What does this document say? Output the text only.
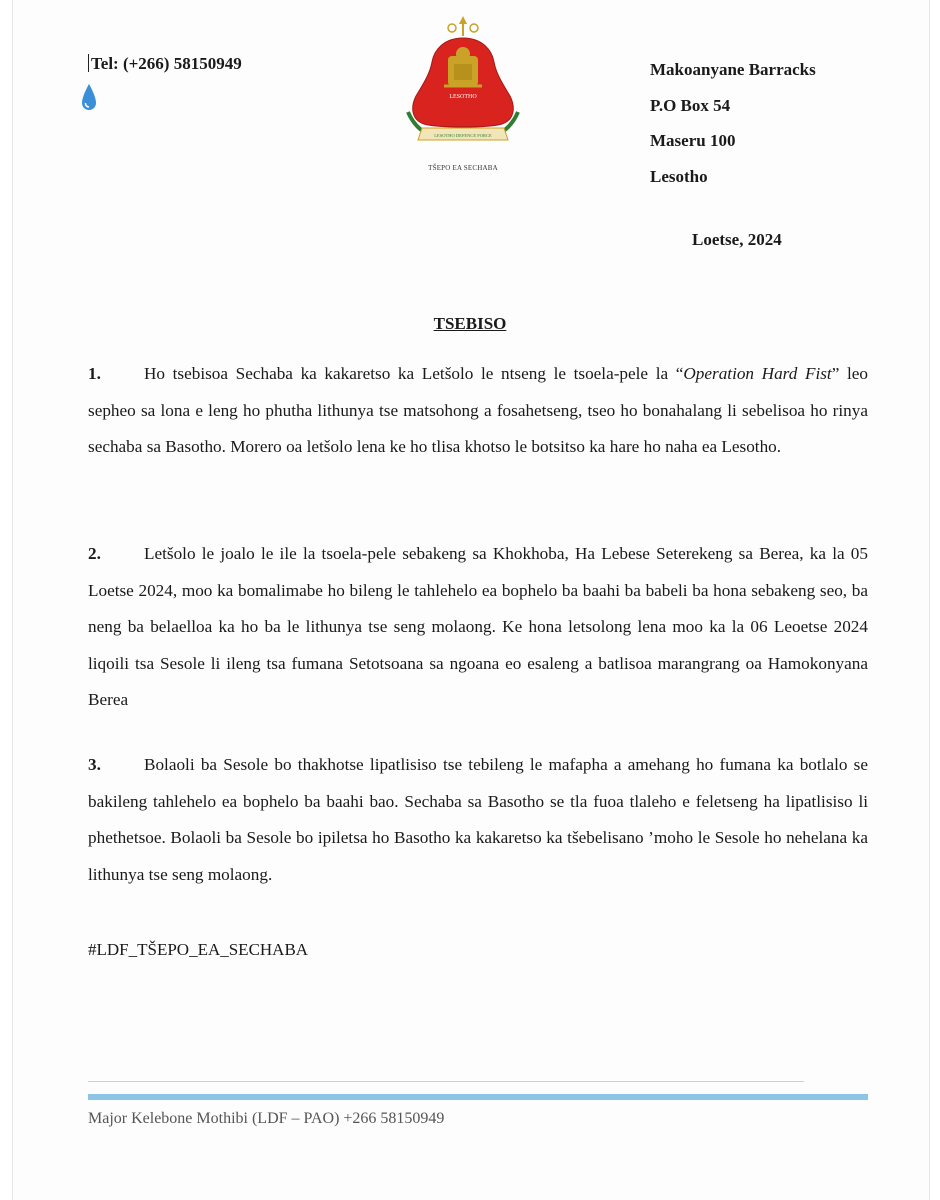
Tel: (+266) 58150949
LESOTHO
LESOTHO DEFENCE FORCE
TŠEPO EA SECHABA
Makoanyane Barracks
P.O Box 54
Maseru 100
Lesotho
Loetse, 2024
TSEBISO
1.	Ho tsebisoa Sechaba ka kakaretso ka Letšolo le ntseng le tsoela-pele la “Operation Hard Fist” leo sepheo sa lona e leng ho phutha lithunya tse matsohong a fosahetseng, tseo ho bonahalang li sebelisoa ho rinya sechaba sa Basotho. Morero oa letšolo lena ke ho tlisa khotso le botsitso ka hare ho naha ea Lesotho.
2.	Letšolo le joalo le ile la tsoela-pele sebakeng sa Khokhoba, Ha Lebese Seterekeng sa Berea, ka la 05 Loetse 2024, moo ka bomalimabe ho bileng le tahlehelo ea bophelo ba baahi ba babeli ba hona sebakeng seo, ba neng ba belaelloa ka ho ba le lithunya tse seng molaong. Ke hona letsolong lena moo ka la 06 Leoetse 2024 liqoili tsa Sesole li ileng tsa fumana Setotsoana sa ngoana eo esaleng a batlisoa marangrang oa Hamokonyana Berea
3.	Bolaoli ba Sesole bo thakhotse lipatlisiso tse tebileng le mafapha a amehang ho fumana ka botlalo se bakileng tahlehelo ea bophelo ba baahi bao. Sechaba sa Basotho se tla fuoa tlaleho e feletseng ha lipatlisiso li phethetsoe. Bolaoli ba Sesole bo ipiletsa ho Basotho ka kakaretso ka tšebelisano ’moho le Sesole ho nehelana ka lithunya tse seng molaong.
#LDF_TŠEPO_EA_SECHABA
Major Kelebone Mothibi (LDF – PAO) +266 58150949
